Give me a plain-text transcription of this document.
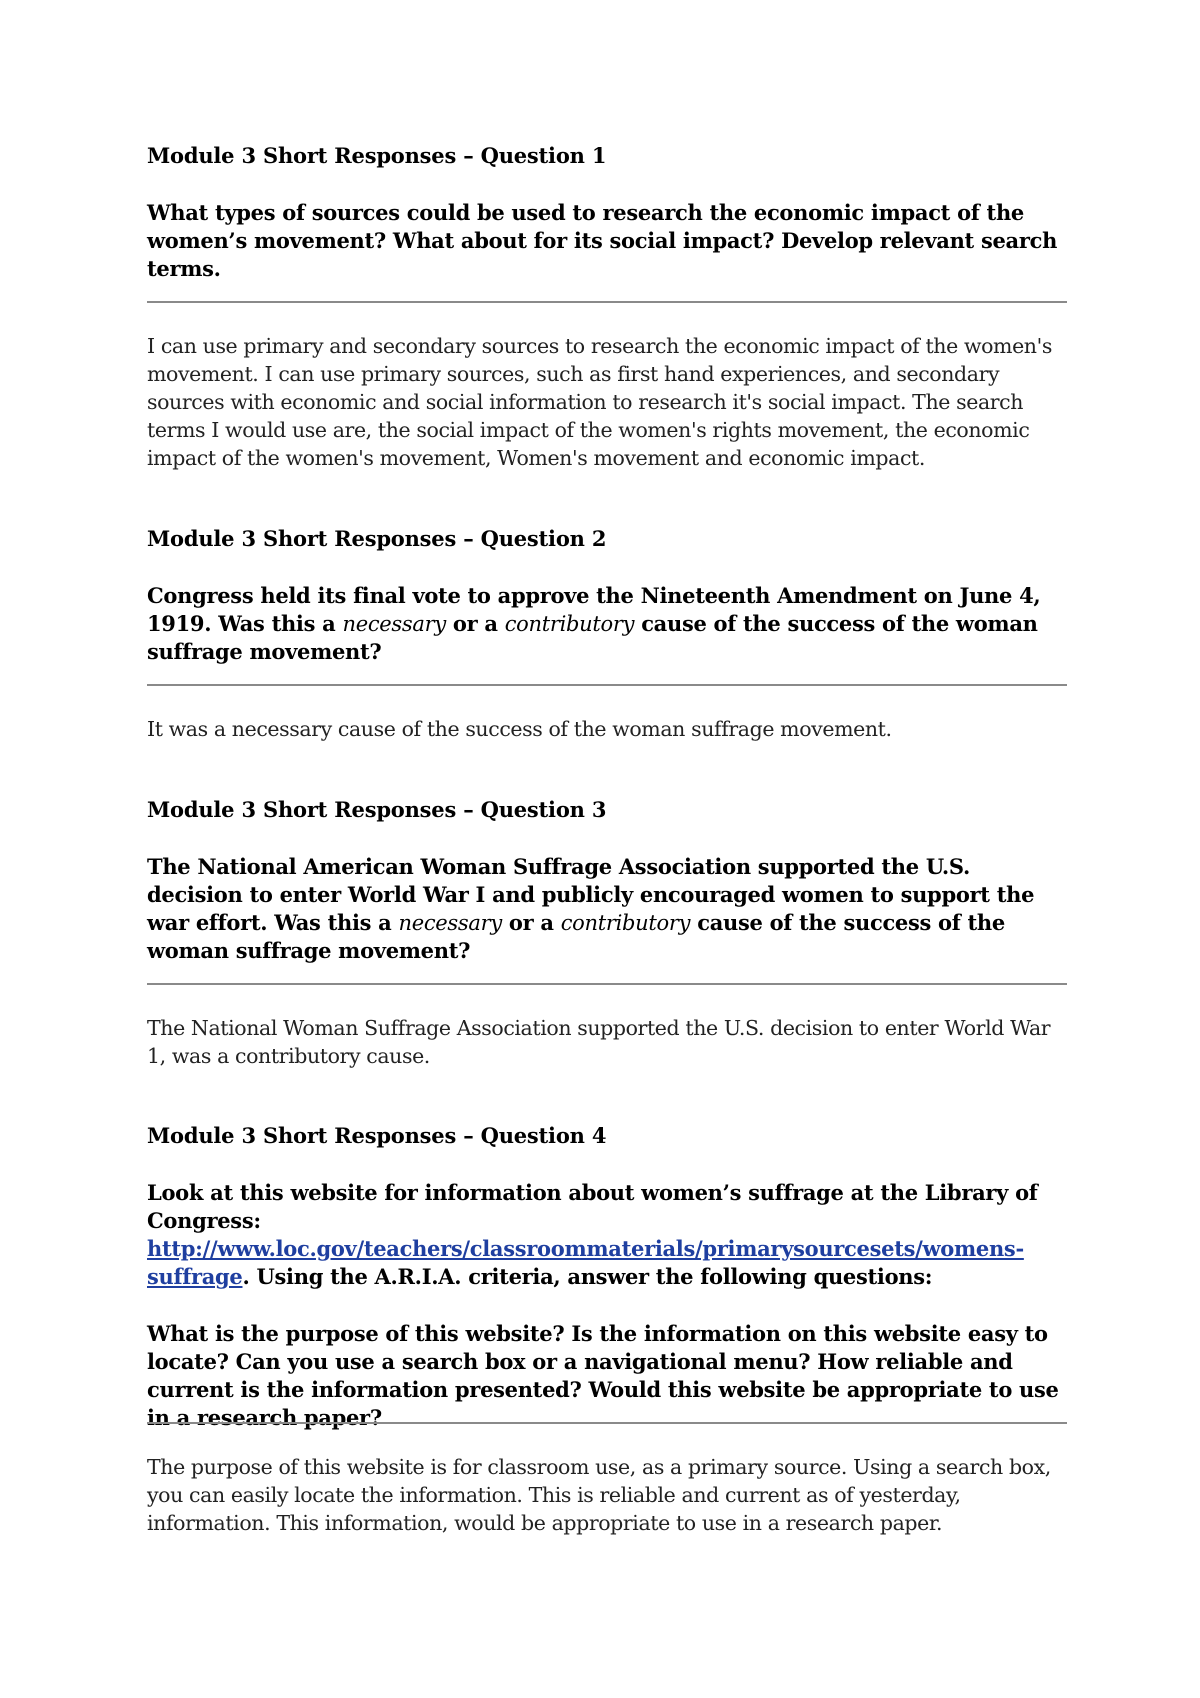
Module 3 Short Responses – Question 1

What types of sources could be used to research the economic impact of the women’s movement? What about for its social impact? Develop relevant search terms.

I can use primary and secondary sources to research the economic impact of the women's movement. I can use primary sources, such as first hand experiences, and secondary sources with economic and social information to research it's social impact. The search terms I would use are, the social impact of the women's rights movement, the economic impact of the women's movement, Women's movement and economic impact.

Module 3 Short Responses – Question 2

Congress held its final vote to approve the Nineteenth Amendment on June 4, 1919. Was this a necessary or a contributory cause of the success of the woman suffrage movement?

It was a necessary cause of the success of the woman suffrage movement.

Module 3 Short Responses – Question 3

The National American Woman Suffrage Association supported the U.S. decision to enter World War I and publicly encouraged women to support the war effort. Was this a necessary or a contributory cause of the success of the woman suffrage movement?

The National Woman Suffrage Association supported the U.S. decision to enter World War 1, was a contributory cause.

Module 3 Short Responses – Question 4

Look at this website for information about women’s suffrage at the Library of Congress: http://www.loc.gov/teachers/classroommaterials/primarysourcesets/womens-suffrage. Using the A.R.I.A. criteria, answer the following questions:

What is the purpose of this website? Is the information on this website easy to locate? Can you use a search box or a navigational menu? How reliable and current is the information presented? Would this website be appropriate to use in a research paper?

The purpose of this website is for classroom use, as a primary source. Using a search box, you can easily locate the information. This is reliable and current as of yesterday, information. This information, would be appropriate to use in a research paper.
